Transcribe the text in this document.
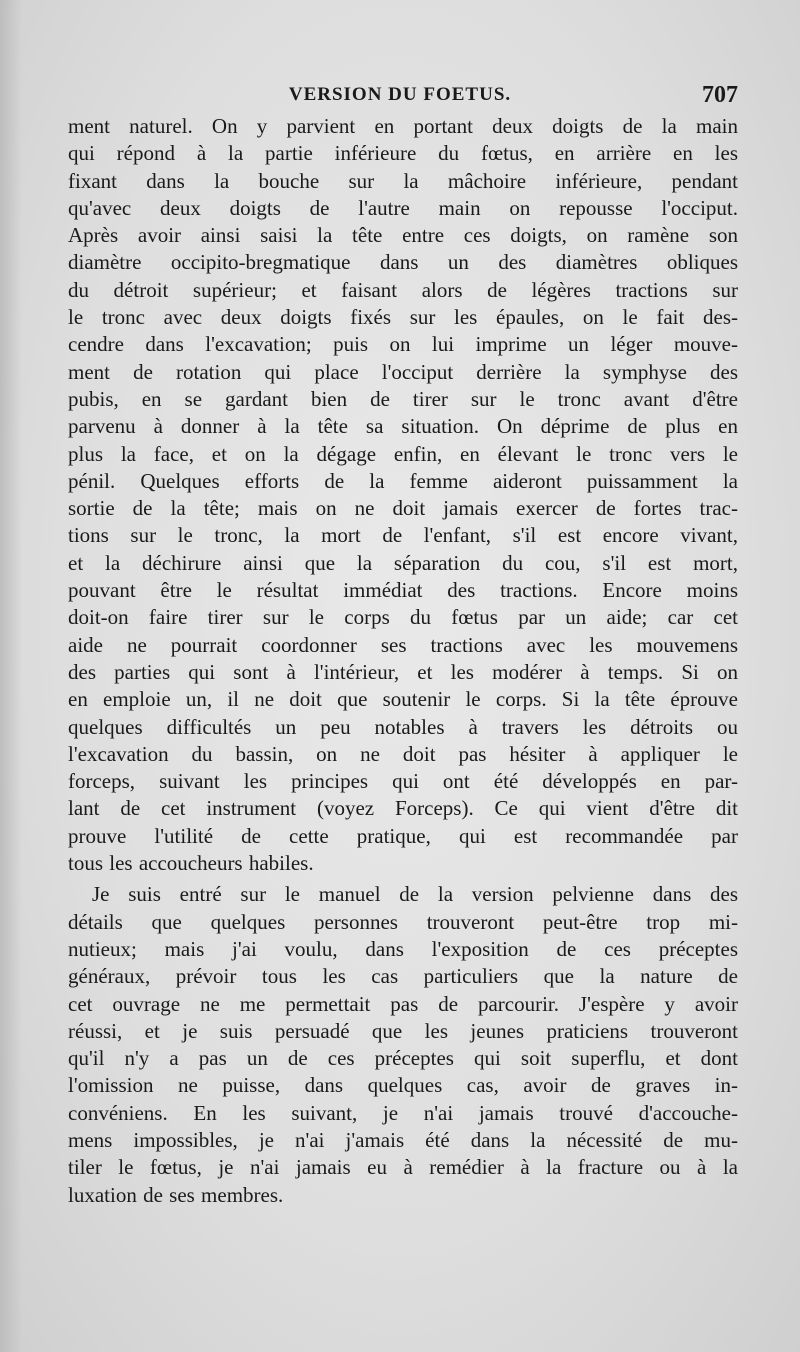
VERSION DU FOETUS.	707
ment naturel. On y parvient en portant deux doigts de la main
qui répond à la partie inférieure du fœtus, en arrière en les
fixant dans la bouche sur la mâchoire inférieure, pendant
qu'avec deux doigts de l'autre main on repousse l'occiput.
Après avoir ainsi saisi la tête entre ces doigts, on ramène son
diamètre occipito-bregmatique dans un des diamètres obliques
du détroit supérieur; et faisant alors de légères tractions sur
le tronc avec deux doigts fixés sur les épaules, on le fait des-
cendre dans l'excavation; puis on lui imprime un léger mouve-
ment de rotation qui place l'occiput derrière la symphyse des
pubis, en se gardant bien de tirer sur le tronc avant d'être
parvenu à donner à la tête sa situation. On déprime de plus en
plus la face, et on la dégage enfin, en élevant le tronc vers le
pénil. Quelques efforts de la femme aideront puissamment la
sortie de la tête; mais on ne doit jamais exercer de fortes trac-
tions sur le tronc, la mort de l'enfant, s'il est encore vivant,
et la déchirure ainsi que la séparation du cou, s'il est mort,
pouvant être le résultat immédiat des tractions. Encore moins
doit-on faire tirer sur le corps du fœtus par un aide; car cet
aide ne pourrait coordonner ses tractions avec les mouvemens
des parties qui sont à l'intérieur, et les modérer à temps. Si on
en emploie un, il ne doit que soutenir le corps. Si la tête éprouve
quelques difficultés un peu notables à travers les détroits ou
l'excavation du bassin, on ne doit pas hésiter à appliquer le
forceps, suivant les principes qui ont été développés en par-
lant de cet instrument (voyez Forceps). Ce qui vient d'être dit
prouve l'utilité de cette pratique, qui est recommandée par
tous les accoucheurs habiles.
Je suis entré sur le manuel de la version pelvienne dans des
détails que quelques personnes trouveront peut-être trop mi-
nutieux; mais j'ai voulu, dans l'exposition de ces préceptes
généraux, prévoir tous les cas particuliers que la nature de
cet ouvrage ne me permettait pas de parcourir. J'espère y avoir
réussi, et je suis persuadé que les jeunes praticiens trouveront
qu'il n'y a pas un de ces préceptes qui soit superflu, et dont
l'omission ne puisse, dans quelques cas, avoir de graves in-
convéniens. En les suivant, je n'ai jamais trouvé d'accouche-
mens impossibles, je n'ai j'amais été dans la nécessité de mu-
tiler le fœtus, je n'ai jamais eu à remédier à la fracture ou à la
luxation de ses membres.
